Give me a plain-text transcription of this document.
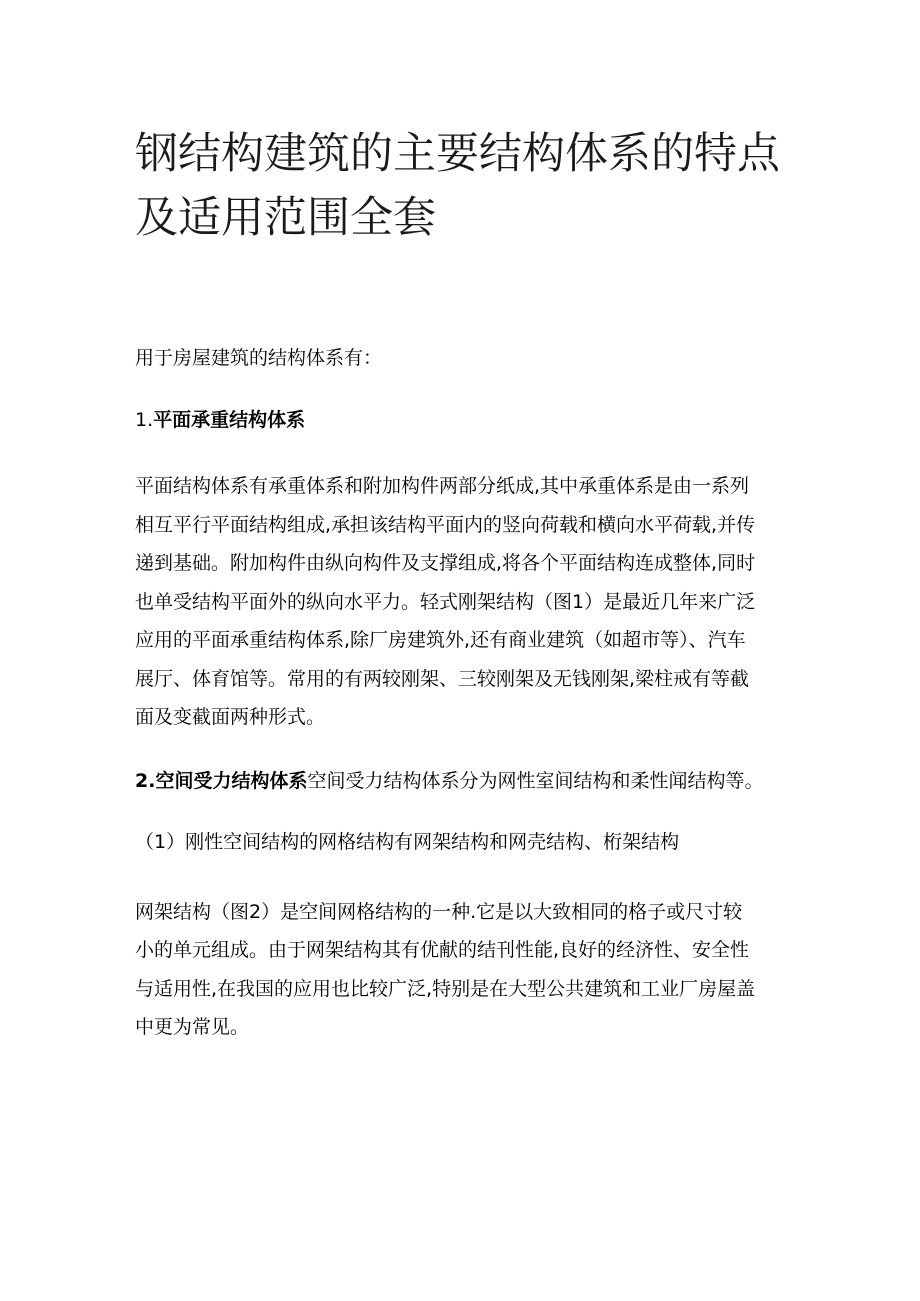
钢结构建筑的主要结构体系的特点
及适用范围全套

用于房屋建筑的结构体系有：

1.平面承重结构体系

平面结构体系有承重体系和附加构件两部分纸成,其中承重体系是由一系列
相互平行平面结构组成,承担该结构平面内的竖向荷载和横向水平荷载,并传
递到基础。附加构件由纵向构件及支撑组成,将各个平面结构连成整体,同时
也单受结构平面外的纵向水平力。轻式刚架结构（图1）是最近几年来广泛
应用的平面承重结构体系,除厂房建筑外,还有商业建筑（如超市等）、汽车
展厅、体育馆等。常用的有两较刚架、三较刚架及无钱刚架,梁柱戒有等截
面及变截面两种形式。

2.空间受力结构体系空间受力结构体系分为网性室间结构和柔性闻结构等。

（1）刚性空间结构的网格结构有网架结构和网壳结构、桁架结构

网架结构（图2）是空间网格结构的一种.它是以大致相同的格子或尺寸较
小的单元组成。由于网架结构其有优献的结刊性能,良好的经济性、安全性
与适用性,在我国的应用也比较广泛,特别是在大型公共建筑和工业厂房屋盖
中更为常见。
